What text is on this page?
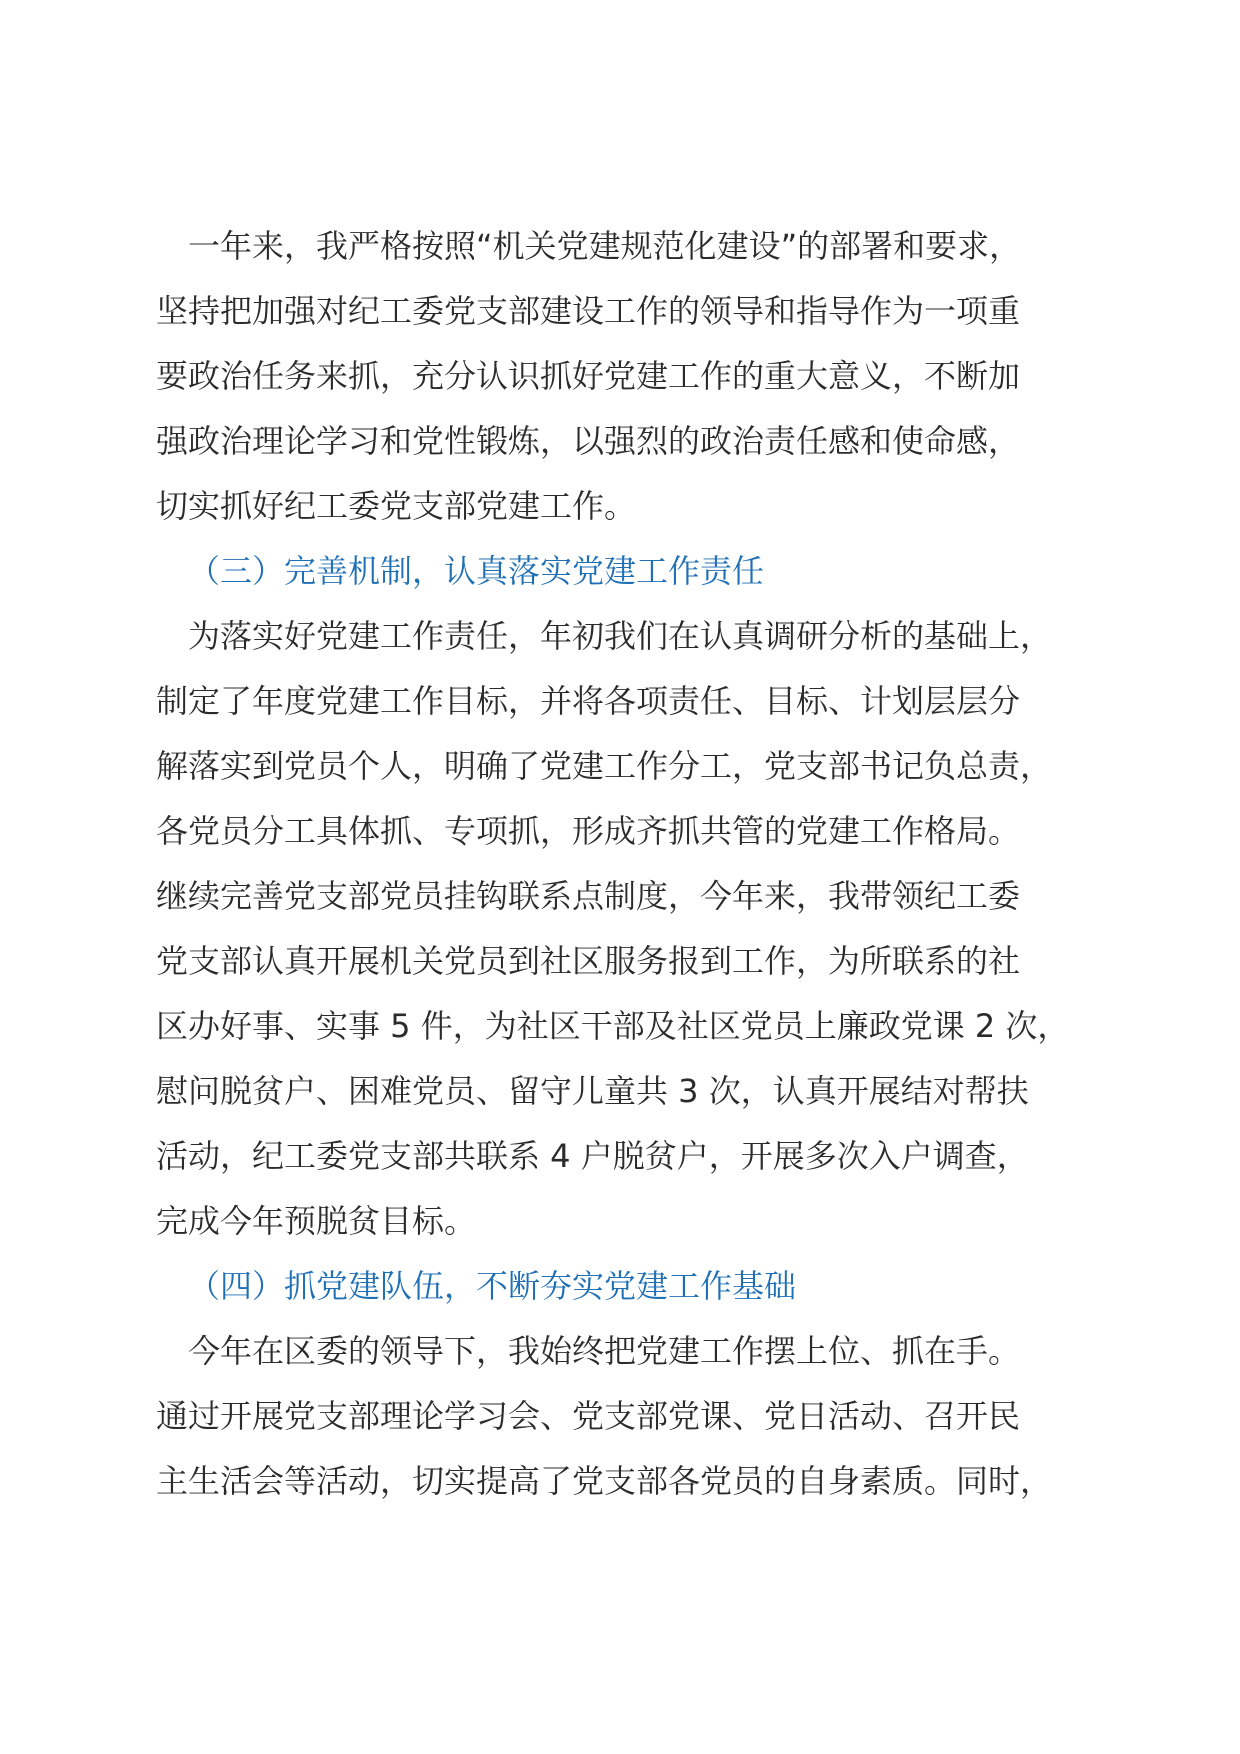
一年来，我严格按照“机关党建规范化建设”的部署和要求，
坚持把加强对纪工委党支部建设工作的领导和指导作为一项重
要政治任务来抓，充分认识抓好党建工作的重大意义，不断加
强政治理论学习和党性锻炼，以强烈的政治责任感和使命感，
切实抓好纪工委党支部党建工作。
（三）完善机制，认真落实党建工作责任
为落实好党建工作责任，年初我们在认真调研分析的基础上，
制定了年度党建工作目标，并将各项责任、目标、计划层层分
解落实到党员个人，明确了党建工作分工，党支部书记负总责，
各党员分工具体抓、专项抓，形成齐抓共管的党建工作格局。
继续完善党支部党员挂钩联系点制度，今年来，我带领纪工委
党支部认真开展机关党员到社区服务报到工作，为所联系的社
区办好事、实事 5 件，为社区干部及社区党员上廉政党课 2 次，
慰问脱贫户、困难党员、留守儿童共 3 次，认真开展结对帮扶
活动，纪工委党支部共联系 4 户脱贫户，开展多次入户调查，
完成今年预脱贫目标。
（四）抓党建队伍，不断夯实党建工作基础
今年在区委的领导下，我始终把党建工作摆上位、抓在手。
通过开展党支部理论学习会、党支部党课、党日活动、召开民
主生活会等活动，切实提高了党支部各党员的自身素质。同时，
